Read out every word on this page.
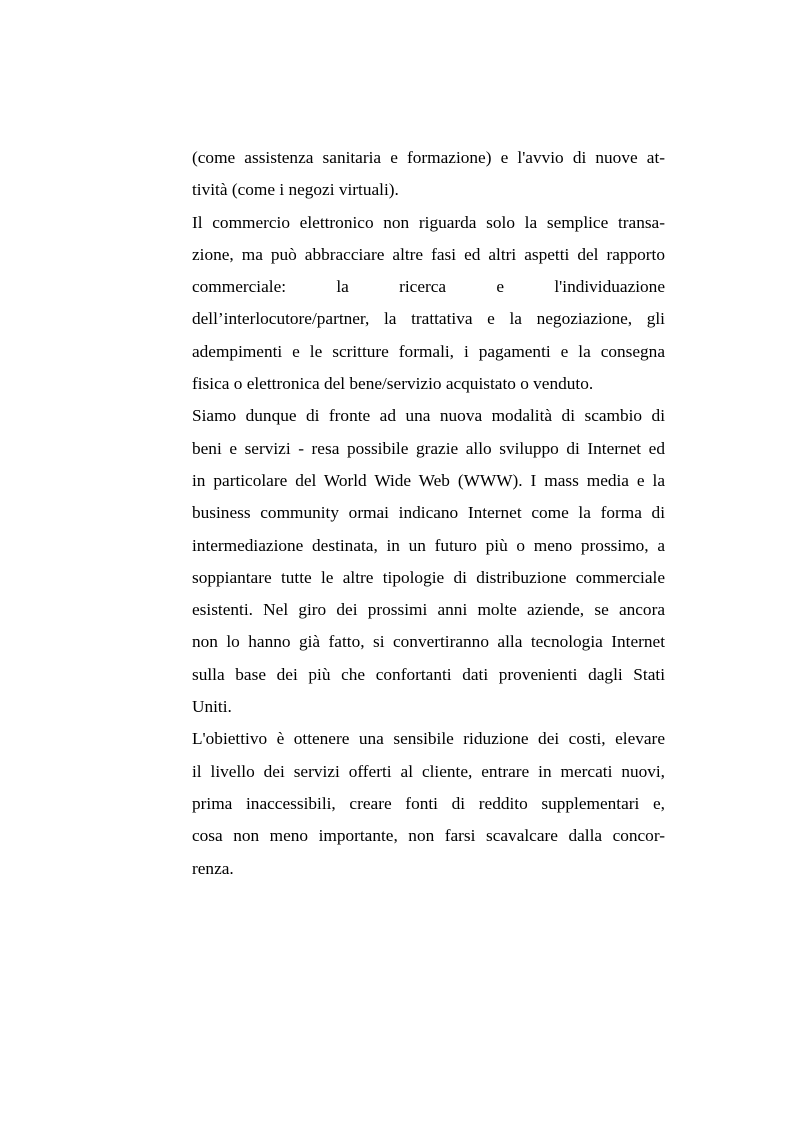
(come assistenza sanitaria e formazione) e l'avvio di nuove at-
tività (come i negozi virtuali).
Il commercio elettronico non riguarda solo la semplice transa-
zione, ma può abbracciare altre fasi ed altri aspetti del rapporto
commerciale: la ricerca e l'individuazione
dell’interlocutore/partner, la trattativa e la negoziazione, gli
adempimenti e le scritture formali, i pagamenti e la consegna
fisica o elettronica del bene/servizio acquistato o venduto.
Siamo dunque di fronte ad una nuova modalità di scambio di
beni e servizi - resa possibile grazie allo sviluppo di Internet ed
in particolare del World Wide Web (WWW). I mass media e la
business community ormai indicano Internet come la forma di
intermediazione destinata, in un futuro più o meno prossimo, a
soppiantare tutte le altre tipologie di distribuzione commerciale
esistenti. Nel giro dei prossimi anni molte aziende, se ancora
non lo hanno già fatto, si convertiranno alla tecnologia Internet
sulla base dei più che confortanti dati provenienti dagli Stati
Uniti.
L'obiettivo è ottenere una sensibile riduzione dei costi, elevare
il livello dei servizi offerti al cliente, entrare in mercati nuovi,
prima inaccessibili, creare fonti di reddito supplementari e,
cosa non meno importante, non farsi scavalcare dalla concor-
renza.
